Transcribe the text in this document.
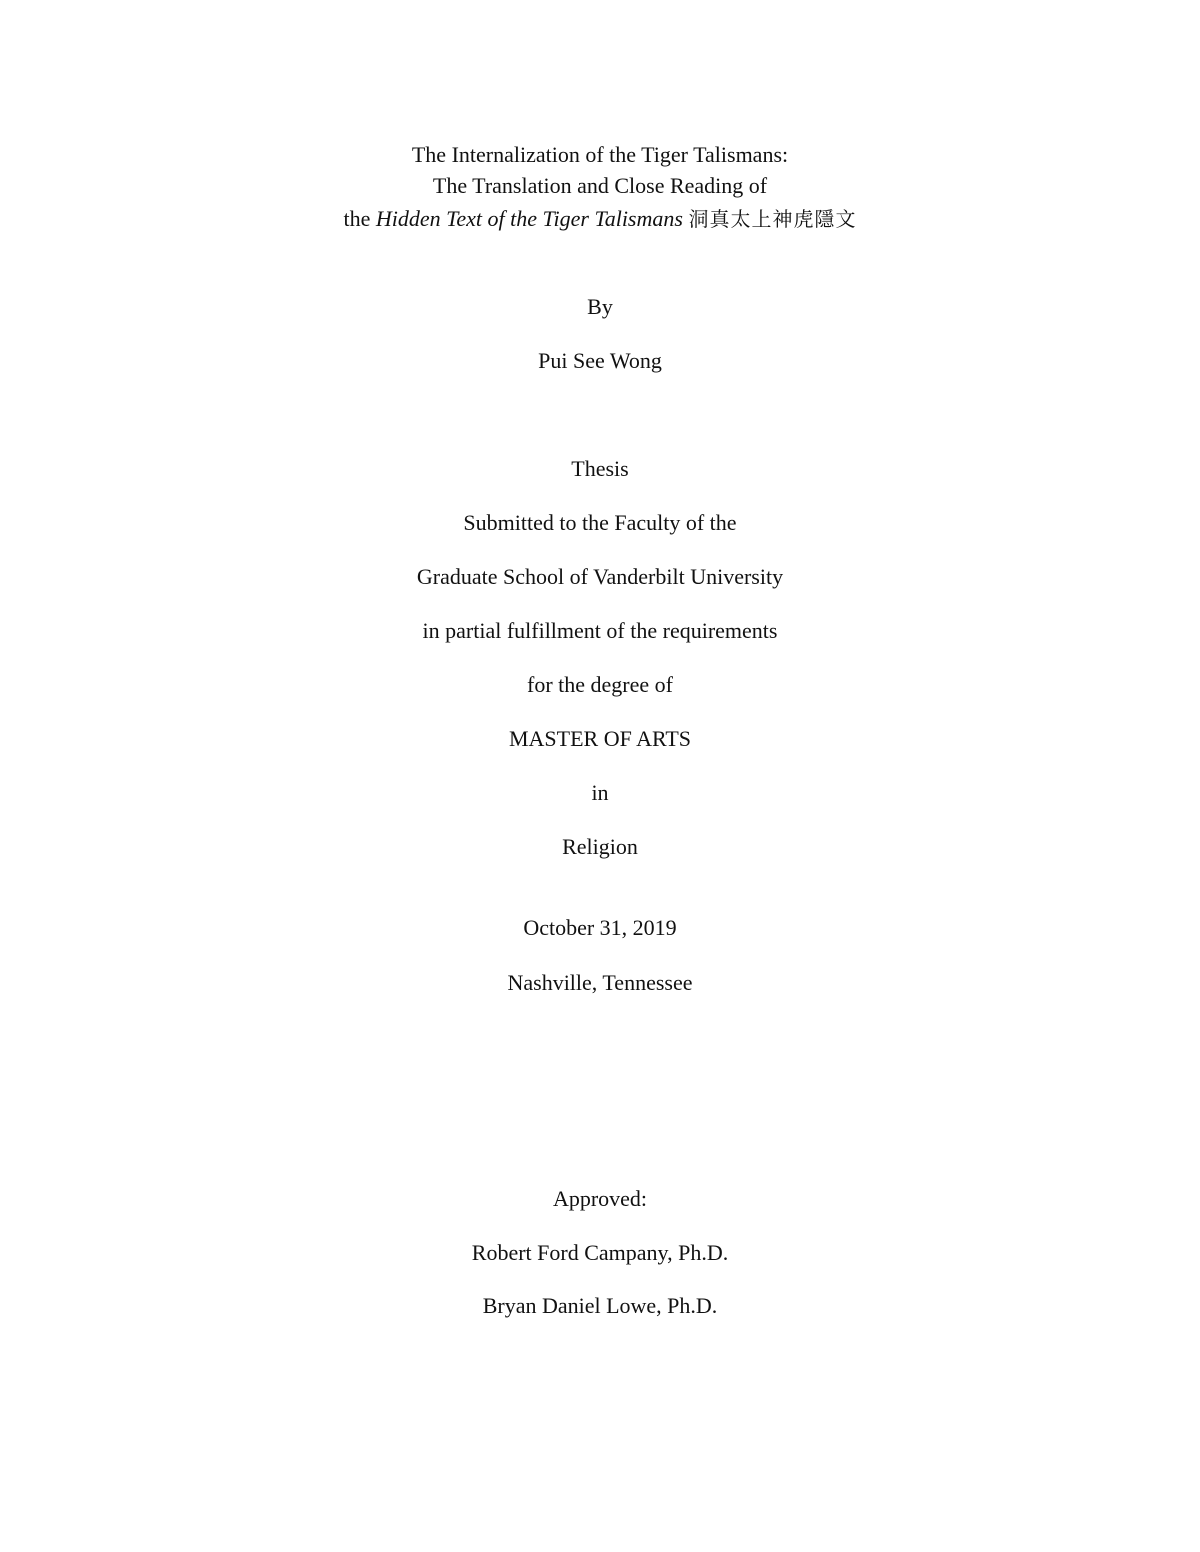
The Internalization of the Tiger Talismans:
The Translation and Close Reading of
the Hidden Text of the Tiger Talismans 洞真太上神虎隱文
By
Pui See Wong
Thesis
Submitted to the Faculty of the
Graduate School of Vanderbilt University
in partial fulfillment of the requirements
for the degree of
MASTER OF ARTS
in
Religion
October 31, 2019
Nashville, Tennessee
Approved:
Robert Ford Campany, Ph.D.
Bryan Daniel Lowe, Ph.D.
